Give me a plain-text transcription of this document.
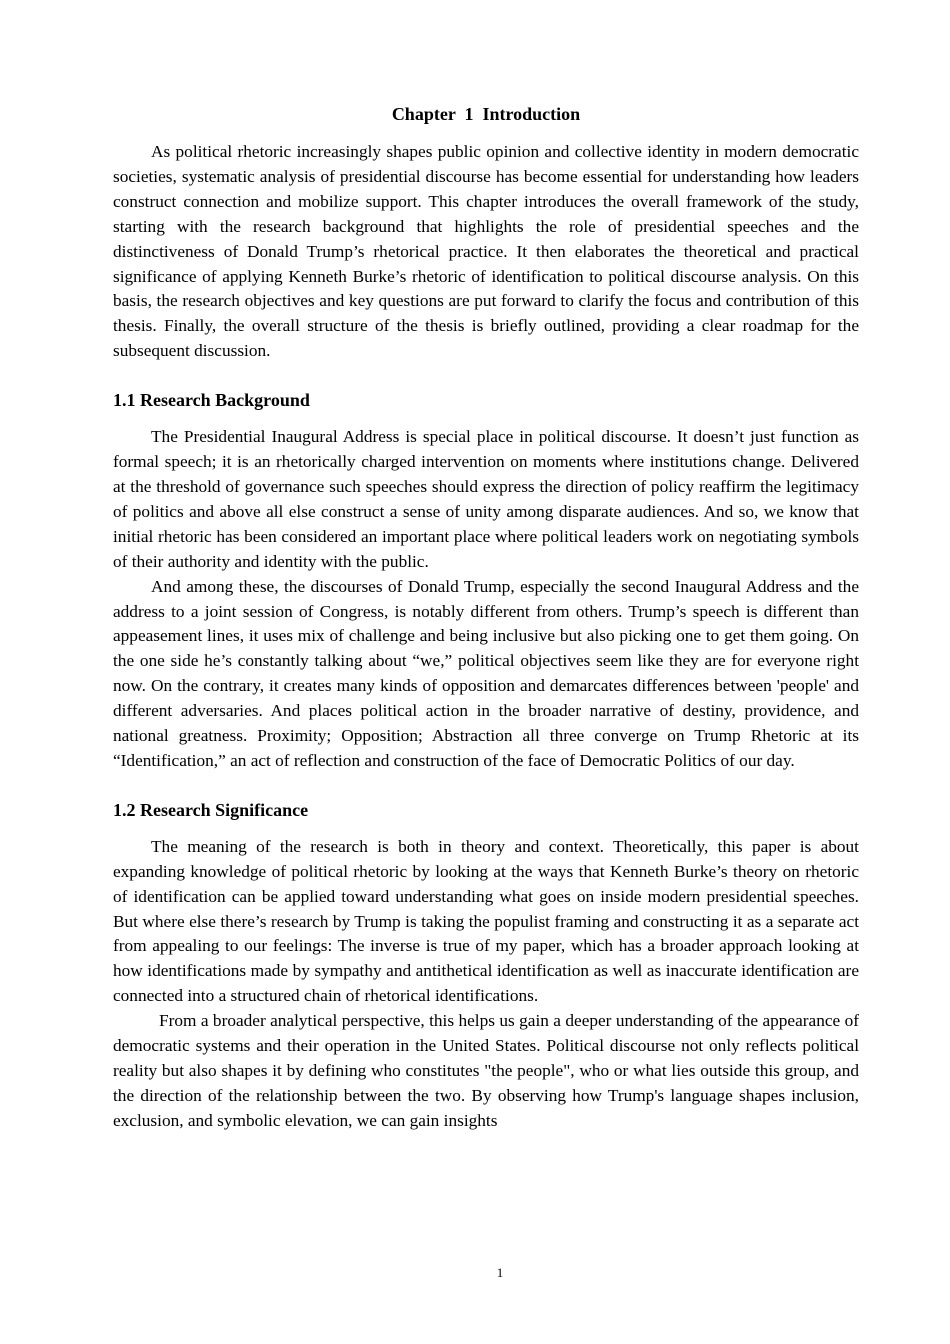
Chapter  1  Introduction

As political rhetoric increasingly shapes public opinion and collective identity in modern democratic societies, systematic analysis of presidential discourse has become essential for understanding how leaders construct connection and mobilize support. This chapter introduces the overall framework of the study, starting with the research background that highlights the role of presidential speeches and the distinctiveness of Donald Trump’s rhetorical practice. It then elaborates the theoretical and practical significance of applying Kenneth Burke’s rhetoric of identification to political discourse analysis. On this basis, the research objectives and key questions are put forward to clarify the focus and contribution of this thesis. Finally, the overall structure of the thesis is briefly outlined, providing a clear roadmap for the subsequent discussion.

1.1 Research Background

The Presidential Inaugural Address is special place in political discourse. It doesn’t just function as formal speech; it is an rhetorically charged intervention on moments where institutions change. Delivered at the threshold of governance such speeches should express the direction of policy reaffirm the legitimacy of politics and above all else construct a sense of unity among disparate audiences. And so, we know that initial rhetoric has been considered an important place where political leaders work on negotiating symbols of their authority and identity with the public.

And among these, the discourses of Donald Trump, especially the second Inaugural Address and the address to a joint session of Congress, is notably different from others. Trump’s speech is different than appeasement lines, it uses mix of challenge and being inclusive but also picking one to get them going. On the one side he’s constantly talking about “we,” political objectives seem like they are for everyone right now. On the contrary, it creates many kinds of opposition and demarcates differences between 'people' and different adversaries. And places political action in the broader narrative of destiny, providence, and national greatness. Proximity; Opposition; Abstraction all three converge on Trump Rhetoric at its “Identification,” an act of reflection and construction of the face of Democratic Politics of our day.

1.2 Research Significance

The meaning of the research is both in theory and context. Theoretically, this paper is about expanding knowledge of political rhetoric by looking at the ways that Kenneth Burke’s theory on rhetoric of identification can be applied toward understanding what goes on inside modern presidential speeches. But where else there’s research by Trump is taking the populist framing and constructing it as a separate act from appealing to our feelings: The inverse is true of my paper, which has a broader approach looking at how identifications made by sympathy and antithetical identification as well as inaccurate identification are connected into a structured chain of rhetorical identifications.

From a broader analytical perspective, this helps us gain a deeper understanding of the appearance of democratic systems and their operation in the United States. Political discourse not only reflects political reality but also shapes it by defining who constitutes "the people", who or what lies outside this group, and the direction of the relationship between the two. By observing how Trump's language shapes inclusion, exclusion, and symbolic elevation, we can gain insights

1
